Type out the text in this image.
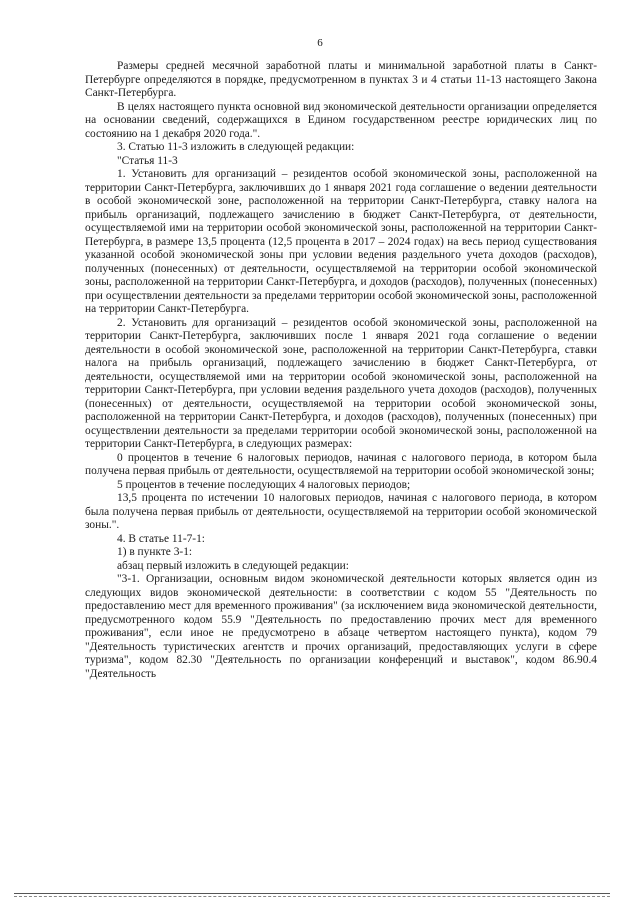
6

Размеры средней месячной заработной платы и минимальной заработной платы в Санкт-Петербурге определяются в порядке, предусмотренном в пунктах 3 и 4 статьи 11-13 настоящего Закона Санкт-Петербурга.

В целях настоящего пункта основной вид экономической деятельности организации определяется на основании сведений, содержащихся в Едином государственном реестре юридических лиц по состоянию на 1 декабря 2020 года.".

3. Статью 11-3 изложить в следующей редакции:

"Статья 11-3

1. Установить для организаций – резидентов особой экономической зоны, расположенной на территории Санкт-Петербурга, заключивших до 1 января 2021 года соглашение о ведении деятельности в особой экономической зоне, расположенной на территории Санкт-Петербурга, ставку налога на прибыль организаций, подлежащего зачислению в бюджет Санкт-Петербурга, от деятельности, осуществляемой ими на территории особой экономической зоны, расположенной на территории Санкт-Петербурга, в размере 13,5 процента (12,5 процента в 2017 – 2024 годах) на весь период существования указанной особой экономической зоны при условии ведения раздельного учета доходов (расходов), полученных (понесенных) от деятельности, осуществляемой на территории особой экономической зоны, расположенной на территории Санкт-Петербурга, и доходов (расходов), полученных (понесенных) при осуществлении деятельности за пределами территории особой экономической зоны, расположенной на территории Санкт-Петербурга.

2. Установить для организаций – резидентов особой экономической зоны, расположенной на территории Санкт-Петербурга, заключивших после 1 января 2021 года соглашение о ведении деятельности в особой экономической зоне, расположенной на территории Санкт-Петербурга, ставки налога на прибыль организаций, подлежащего зачислению в бюджет Санкт-Петербурга, от деятельности, осуществляемой ими на территории особой экономической зоны, расположенной на территории Санкт-Петербурга, при условии ведения раздельного учета доходов (расходов), полученных (понесенных) от деятельности, осуществляемой на территории особой экономической зоны, расположенной на территории Санкт-Петербурга, и доходов (расходов), полученных (понесенных) при осуществлении деятельности за пределами территории особой экономической зоны, расположенной на территории Санкт-Петербурга, в следующих размерах:

0 процентов в течение 6 налоговых периодов, начиная с налогового периода, в котором была получена первая прибыль от деятельности, осуществляемой на территории особой экономической зоны;

5 процентов в течение последующих 4 налоговых периодов;

13,5 процента по истечении 10 налоговых периодов, начиная с налогового периода, в котором была получена первая прибыль от деятельности, осуществляемой на территории особой экономической зоны.".

4. В статье 11-7-1:

1) в пункте 3-1:

абзац первый изложить в следующей редакции:

"3-1. Организации, основным видом экономической деятельности которых является один из следующих видов экономической деятельности: в соответствии с кодом 55 "Деятельность по предоставлению мест для временного проживания" (за исключением вида экономической деятельности, предусмотренного кодом 55.9 "Деятельность по предоставлению прочих мест для временного проживания", если иное не предусмотрено в абзаце четвертом настоящего пункта), кодом 79 "Деятельность туристических агентств и прочих организаций, предоставляющих услуги в сфере туризма", кодом 82.30 "Деятельность по организации конференций и выставок", кодом 86.90.4 "Деятельность
